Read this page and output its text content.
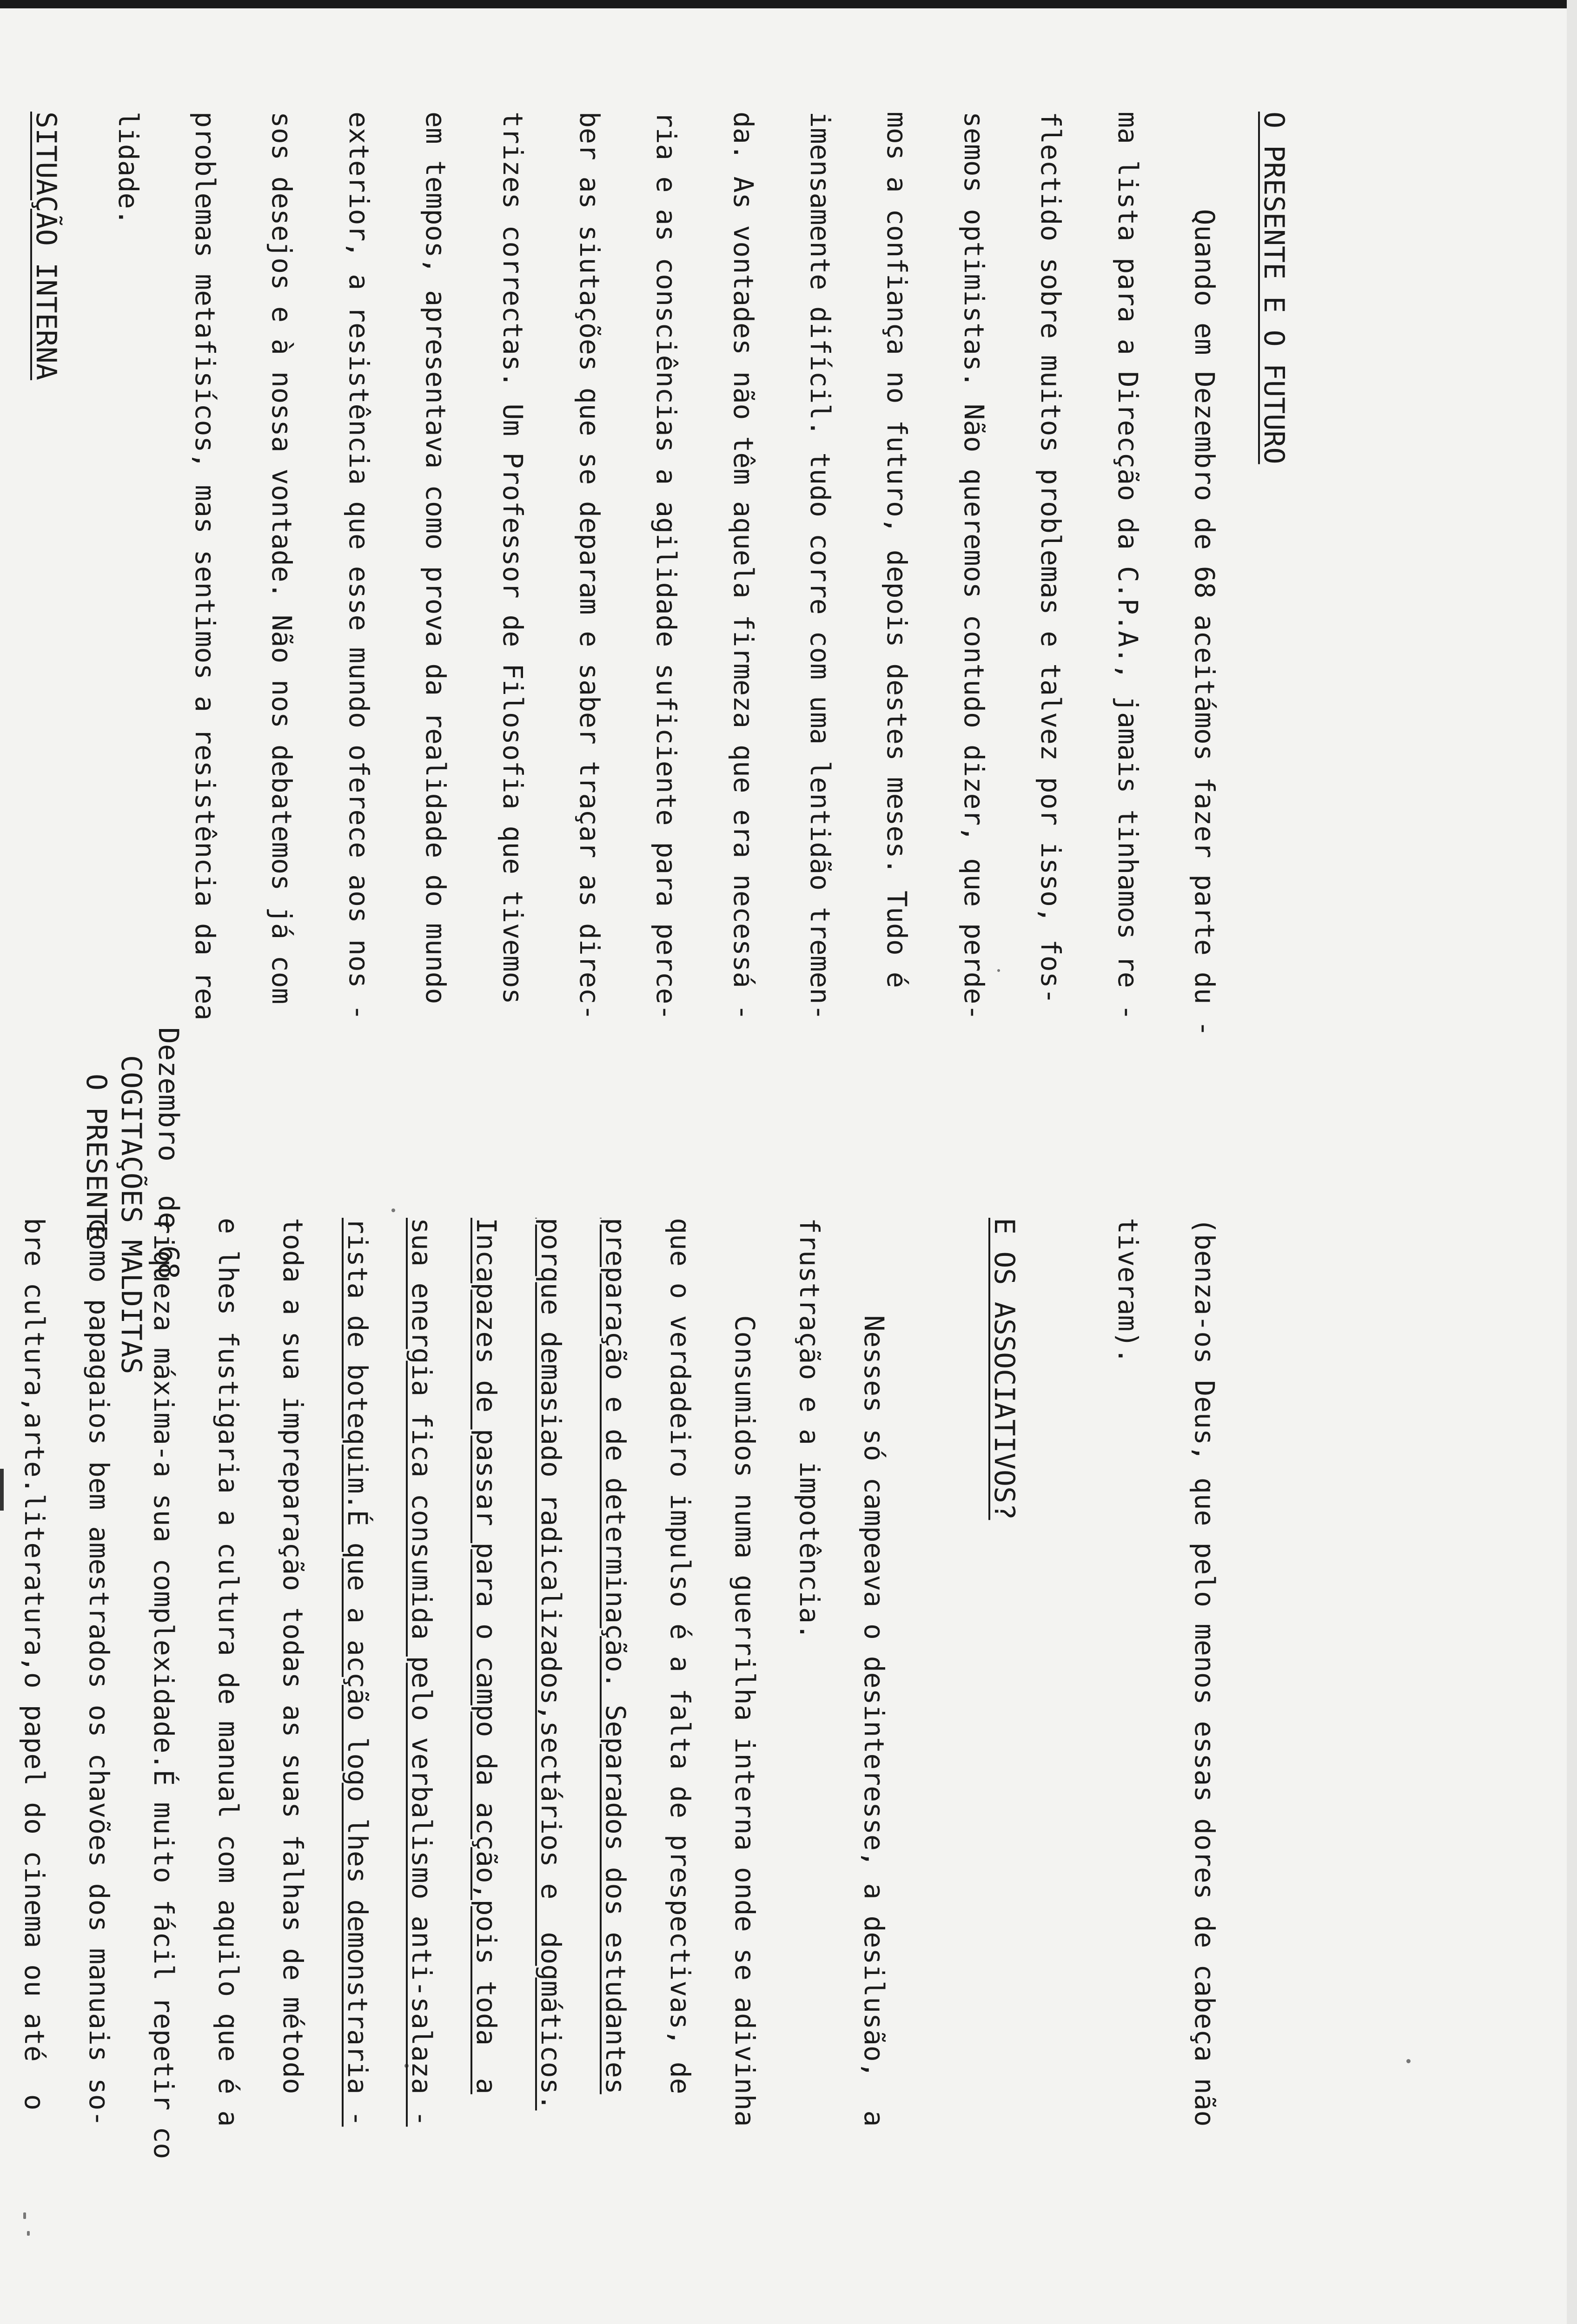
O PRESENTE COGITAÇÕES MALDITAS Dezembro  de 68
O PRESENTE E O FUTURO
Quando em Dezembro de 68 aceitámos fazer parte du -
ma lista para a Direcção da C.P.A., jamais tinhamos re -
flectido sobre muitos problemas e talvez por isso, fos-
semos optimistas. Não queremos contudo dizer, que perde-
mos a confiança no futuro, depois destes meses. Tudo é
imensamente difícil. tudo corre com uma lentidão tremen-
da. As vontades não têm aquela firmeza que era necessá -
ria e as consciências a agilidade suficiente para perce-
ber as siutações que se deparam e saber traçar as direc-
trizes correctas. Um Professor de Filosofia que tivemos
em tempos, apresentava como prova da realidade do mundo
exterior, a resistência que esse mundo oferece aos nos -
sos desejos e à nossa vontade. Não nos debatemos já com
problemas metafisícos, mas sentimos a resistência da rea
lidade.
SITUAÇÃO INTERNA
(benza-os Deus, que pelo menos essas dores de cabeça não
tiveram).
E OS ASSOCIATIVOS?
Nesses só campeava o desinteresse, a desilusão,  a
frustração e a impotência.
Consumidos numa guerrilha interna onde se adivinha
que o verdadeiro impulso é a falta de prespectivas, de
preparação e de determinação. Separados dos estudantes
porque demasiado radicalizados,sectários e  dogmáticos.
Incapazes de passar para o campo da acção,pois toda  a
sua energia fica consumida pelo verbalismo anti-salaza -
rista de botequim.É que a acção logo lhes demonstraria -
toda a sua impreparação todas as suas falhas de método
e lhes fustigaria a cultura de manual com aquilo que é a
riqueza máxima-a sua complexidade.É muito fácil repetir co
como papagaios bem amestrados os chavões dos manuais so-
bre cultura,arte.literatura,o papel do cinema ou até  o
